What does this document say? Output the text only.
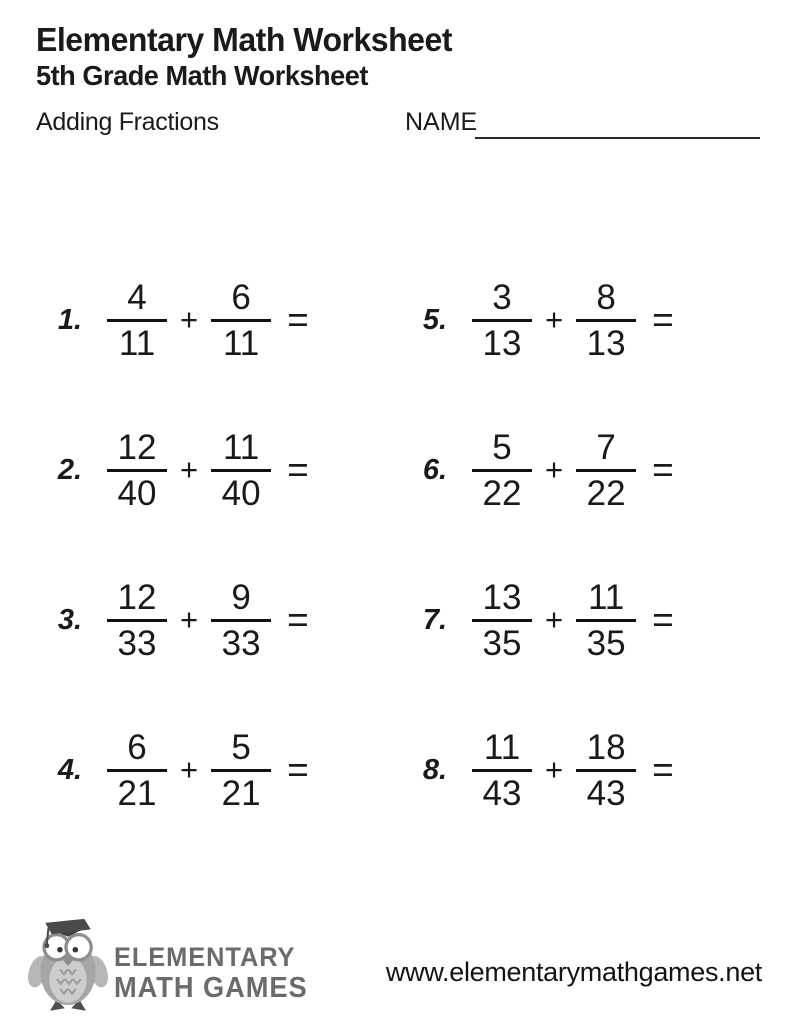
Elementary Math Worksheet
5th Grade Math Worksheet
Adding Fractions	NAME
1. $\frac{4}{11} + \frac{6}{11}$ =
2. $\frac{12}{40} + \frac{11}{40}$ =
3. $\frac{12}{33} + \frac{9}{33}$ =
4. $\frac{6}{21} + \frac{5}{21}$ =
5. $\frac{3}{13} + \frac{8}{13}$ =
6. $\frac{5}{22} + \frac{7}{22}$ =
7. $\frac{13}{35} + \frac{11}{35}$ =
8. $\frac{11}{43} + \frac{18}{43}$ =
ELEMENTARY
MATH GAMES	www.elementarymathgames.net
